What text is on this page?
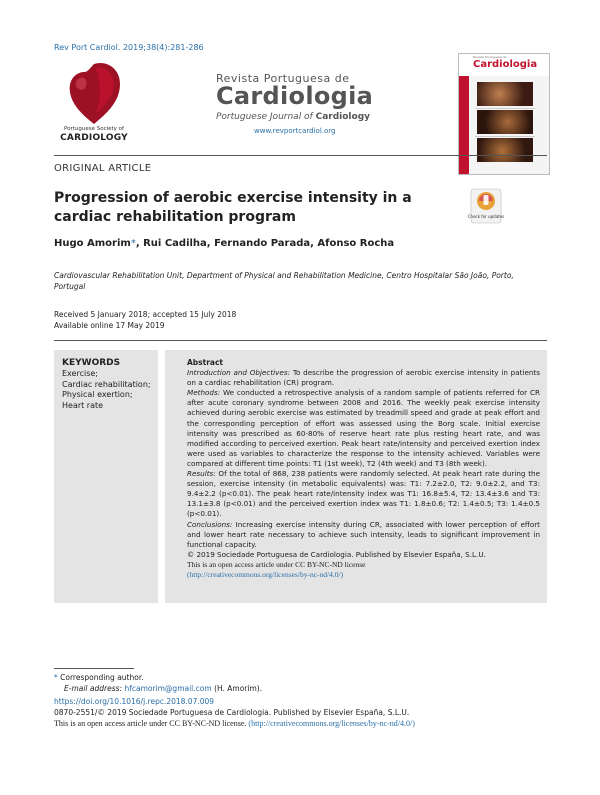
Rev Port Cardiol. 2019;38(4):281-286
Portuguese Society of
CARDIOLOGY
Revista Portuguesa de
Cardiologia
Portuguese Journal of Cardiology
www.revportcardiol.org
Revista Portuguesa de
Cardiologia
ORIGINAL ARTICLE
Progression of aerobic exercise intensity in a cardiac rehabilitation program	Check for updates
Hugo Amorim*, Rui Cadilha, Fernando Parada, Afonso Rocha
Cardiovascular Rehabilitation Unit, Department of Physical and Rehabilitation Medicine, Centro Hospitalar São João, Porto, Portugal
Received 5 January 2018; accepted 15 July 2018
Available online 17 May 2019
KEYWORDS
Exercise;
Cardiac rehabilitation;
Physical exertion;
Heart rate
Abstract
Introduction and Objectives: To describe the progression of aerobic exercise intensity in patients on a cardiac rehabilitation (CR) program.
Methods: We conducted a retrospective analysis of a random sample of patients referred for CR after acute coronary syndrome between 2008 and 2016. The weekly peak exercise intensity achieved during aerobic exercise was estimated by treadmill speed and grade at peak effort and the corresponding perception of effort was assessed using the Borg scale. Initial exercise intensity was prescribed as 60-80% of reserve heart rate plus resting heart rate, and was modified according to perceived exertion. Peak heart rate/intensity and perceived exertion index were used as variables to characterize the response to the intensity achieved. Variables were compared at different time points: T1 (1st week), T2 (4th week) and T3 (8th week).
Results: Of the total of 868, 238 patients were randomly selected. At peak heart rate during the session, exercise intensity (in metabolic equivalents) was: T1: 7.2±2.0, T2: 9.0±2.2, and T3: 9.4±2.2 (p<0.01). The peak heart rate/intensity index was T1: 16.8±5.4, T2: 13.4±3.6 and T3: 13.1±3.8 (p<0.01) and the perceived exertion index was T1: 1.8±0.6; T2: 1.4±0.5; T3: 1.4±0.5 (p<0.01).
Conclusions: Increasing exercise intensity during CR, associated with lower perception of effort and lower heart rate necessary to achieve such intensity, leads to significant improvement in functional capacity.
© 2019 Sociedade Portuguesa de Cardiologia. Published by Elsevier España, S.L.U.
This is an open access article under CC BY-NC-ND license
(http://creativecommons.org/licenses/by-nc-nd/4.0/)
* Corresponding author.
E-mail address: hfcamorim@gmail.com (H. Amorim).
https://doi.org/10.1016/j.repc.2018.07.009
0870-2551/© 2019 Sociedade Portuguesa de Cardiologia. Published by Elsevier España, S.L.U.
This is an open access article under CC BY-NC-ND license. (http://creativecommons.org/licenses/by-nc-nd/4.0/)
